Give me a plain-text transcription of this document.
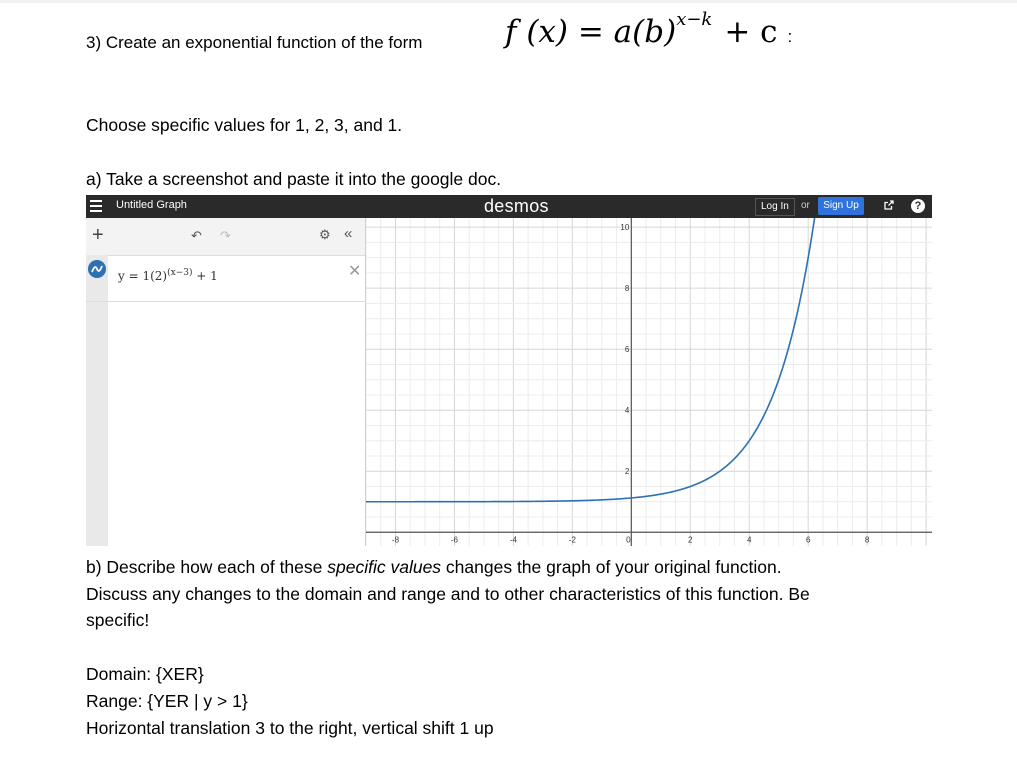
3) Create an exponential function of the form	f $(x) = a(b)^{x-k} + c$ :
Choose specific values for 1, 2, 3, and 1.
a) Take a screenshot and paste it into the google doc.
Untitled Graph	desmos	Log In	or	Sign Up	?
+	↶ ↷	⚙ «
$y = 1(2)^{(x-3)} + 1$	✕
-8	-6	-4	-2	0	2	4	6	8
2
4
6
8
10
b) Describe how each of these specific values changes the graph of your original function.
Discuss any changes to the domain and range and to other characteristics of this function. Be
specific!
Domain: {XER}
Range: {YER | y > 1}
Horizontal translation 3 to the right, vertical shift 1 up
